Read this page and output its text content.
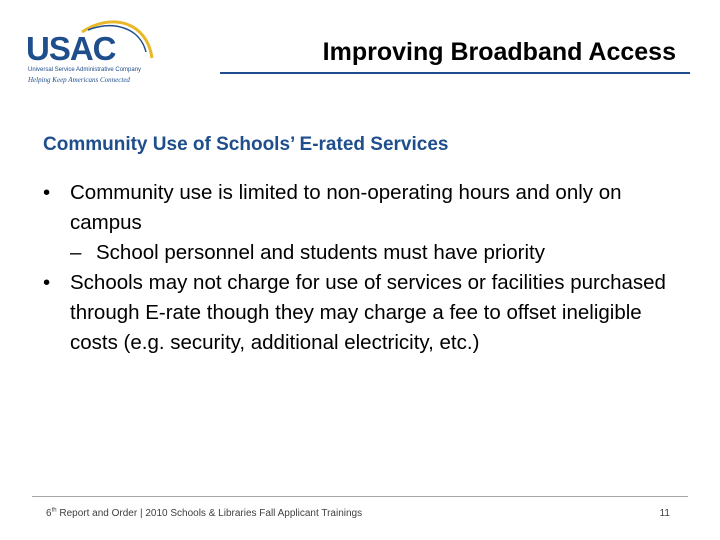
USAC
Universal Service Administrative Company
Helping Keep Americans Connected
Improving Broadband Access
Community Use of Schools’ E-rated Services
• Community use is limited to non-operating hours and only on campus
– School personnel and students must have priority
• Schools may not charge for use of services or facilities purchased through E-rate though they may charge a fee to offset ineligible costs (e.g. security, additional electricity, etc.)
6th Report and Order | 2010 Schools & Libraries Fall Applicant Trainings	11
